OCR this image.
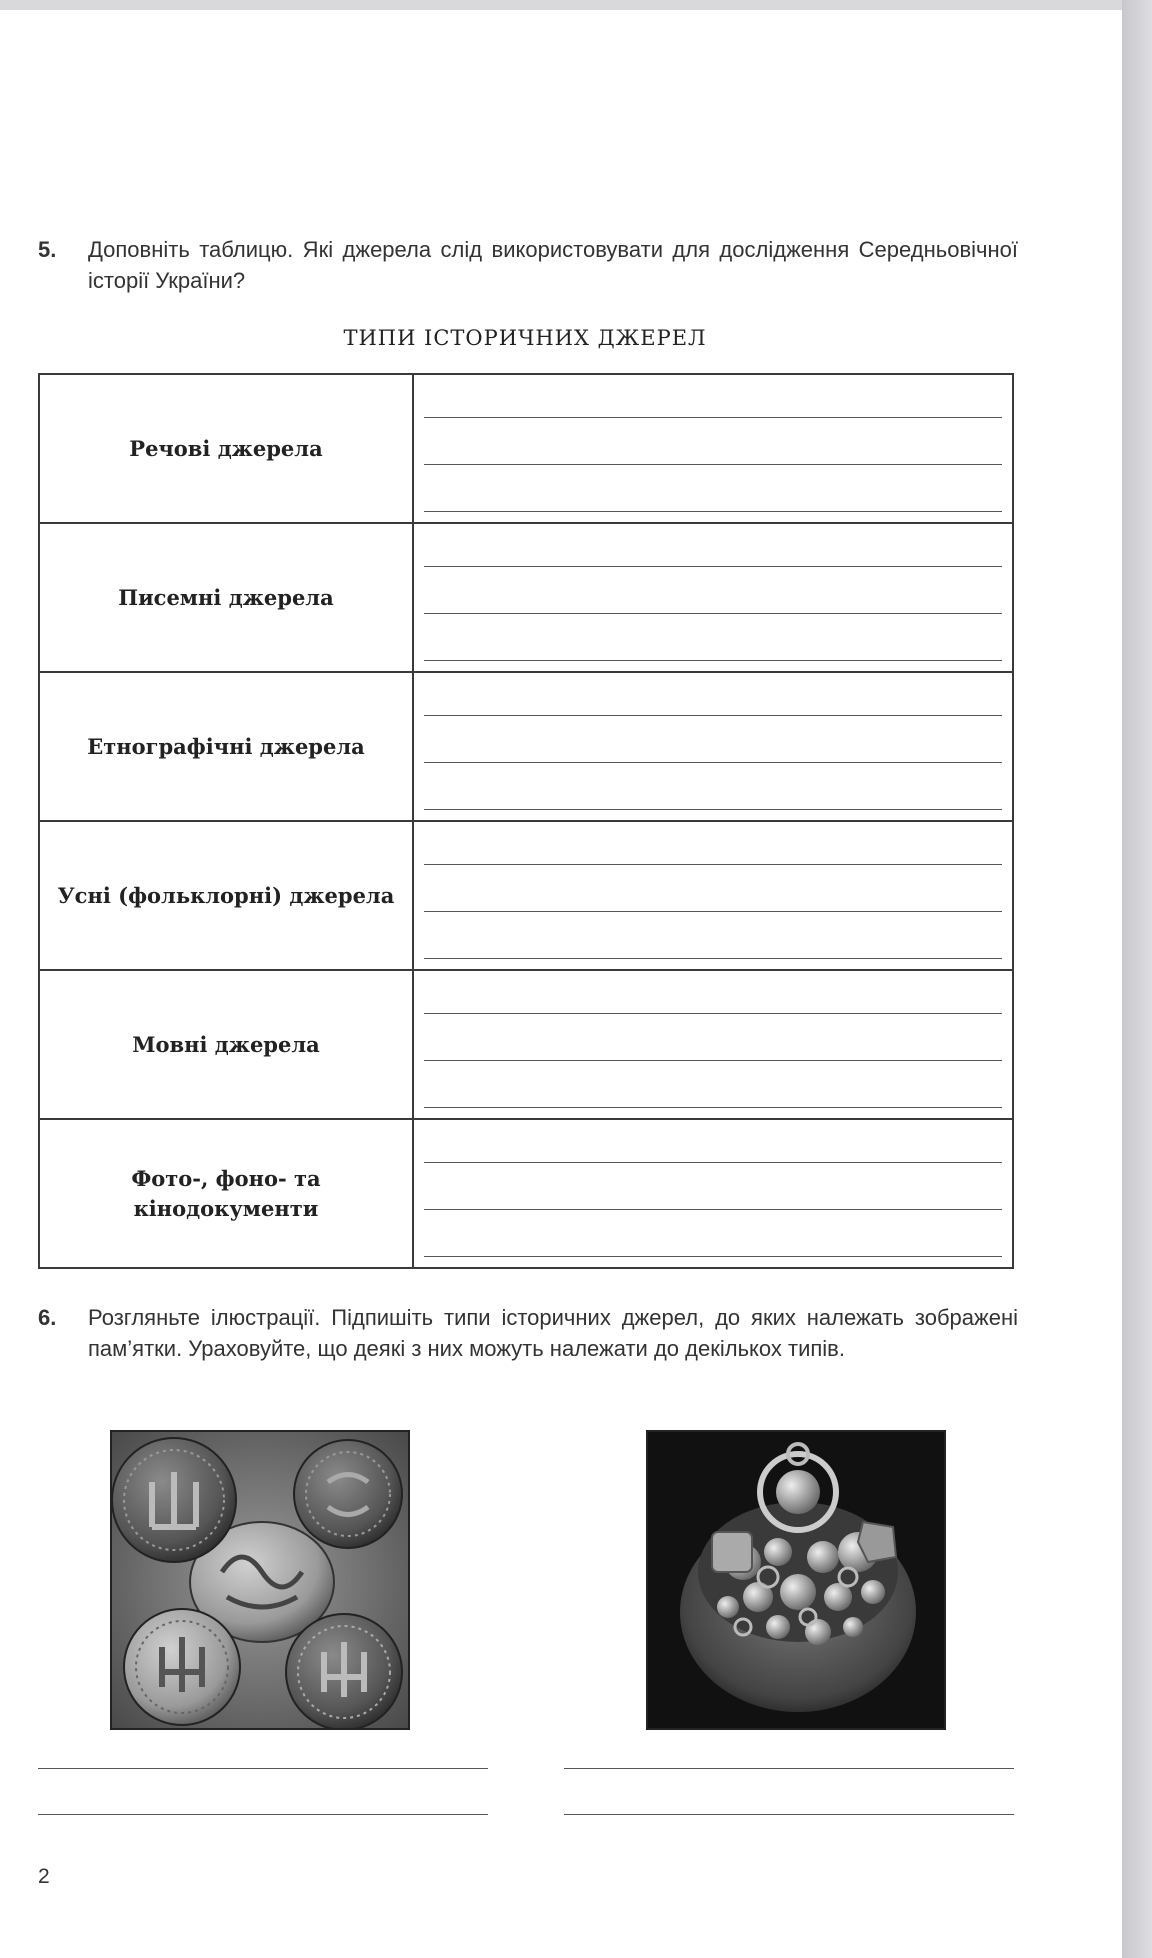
5. Доповніть таблицю. Які джерела слід використовувати для дослідження Середньовічної історії України?
ТИПИ ІСТОРИЧНИХ ДЖЕРЕЛ
Речові джерела	

Писемні джерела	

Етнографічні джерела	

Усні (фольклорні) джерела	

Мовні джерела	

Фото-, фоно- та кінодокументи	
6. Розгляньте ілюстрації. Підпишіть типи історичних джерел, до яких належать зображені пам’ятки. Ураховуйте, що деякі з них можуть належати до декількох типів.
2
